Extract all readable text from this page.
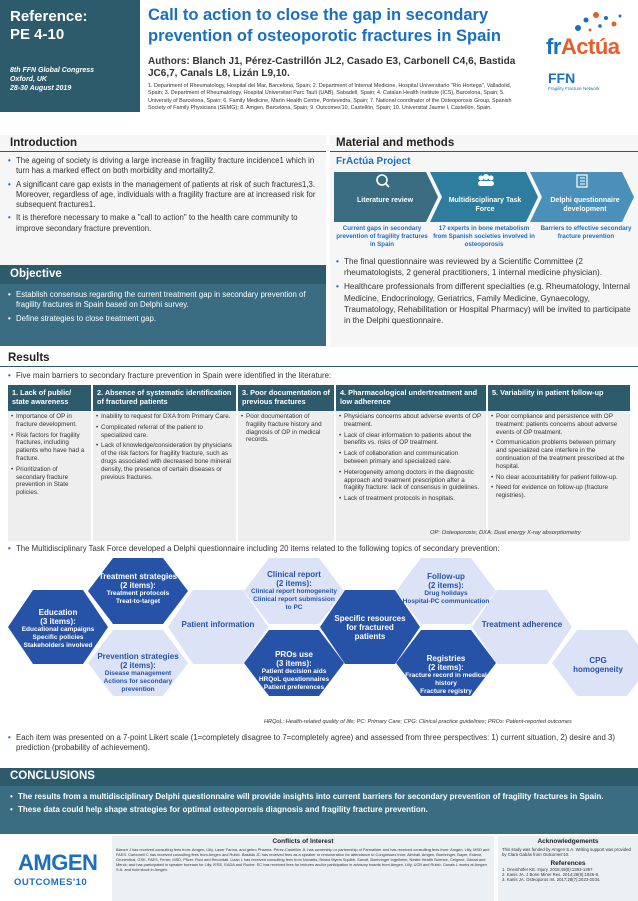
Reference:
PE 4-10
8th FFN Global Congress
Oxford, UK
28-30 August 2019
Call to action to close the gap in secondary prevention of osteoporotic fractures in Spain
Authors: Blanch J1, Pérez-Castrillón JL2, Casado E3, Carbonell C4,6, Bastida JC6,7, Canals L8, Lizán L9,10.
1. Department of Rheumatology, Hospital del Mar, Barcelona, Spain; 2. Department of Internal Medicine, Hospital Universitario "Río Hortega", Valladolid, Spain; 3. Department of Rheumatology, Hospital Universitari Parc Taulí (UAB), Sabadell, Spain; 4. Catalan Health Institute (ICS), Barcelona, Spain; 5. University of Barcelona, Spain; 6. Family Medicine, Marín Health Centre, Pontevedra, Spain; 7. National coordinator of the Osteoporosis Group, Spanish Society of Family Physicians (SEMG); 8. Amgen, Barcelona, Spain; 9. Outcomes'10, Castellón, Spain; 10. Universitat Jaume I, Castellón, Spain.
frActúa
FFN
Fragility Fracture Network
Introduction
• The ageing of society is driving a large increase in fragility fracture incidence1 which in turn has a marked effect on both morbidity and mortality2.
• A significant care gap exists in the management of patients at risk of such fractures1,3. Moreover, regardless of age, individuals with a fragility fracture are at increased risk for subsequent fractures1.
• It is therefore necessary to make a "call to action" to the health care community to improve secondary fracture prevention.
Objective
• Establish consensus regarding the current treatment gap in secondary prevention of fragility fractures in Spain based on Delphi survey.
• Define strategies to close treatment gap.
Material and methods
FrActúa Project
Literature review	Multidisciplinary Task Force
Delphi questionnaire development
Current gaps in secondary prevention of fragility fractures in Spain
17 experts in bone metabolism from Spanish societies involved in osteoporosis
Barriers to effective secondary fracture prevention
• The final questionnaire was reviewed by a Scientific Committee (2 rheumatologists, 2 general practitioners, 1 internal medicine physician).
• Healthcare professionals from different specialties (e.g. Rheumatology, Internal Medicine, Endocrinology, Geriatrics, Family Medicine, Gynaecology, Traumatology, Rehabilitation or Hospital Pharmacy) will be invited to participate in the Delphi questionnaire.
Results
• Five main barriers to secondary fracture prevention in Spain were identified in the literature:
1. Lack of public/ state awareness
• Importance of OP in fracture development.
• Risk factors for fragility fractures, including patients who have had a fracture.
• Prioritization of secondary fracture prevention in State policies.
2. Absence of systematic identification of fractured patients
• Inability to request for DXA from Primary Care.
• Complicated referral of the patient to specialized care.
• Lack of knowledge/consideration by physicians of the risk factors for fragility fracture, such as drugs associated with decreased bone mineral density, the presence of certain diseases or previous fractures.
3. Poor documentation of previous fractures
• Poor documentation of fragility fracture history and diagnosis of OP in medical records.
4. Pharmacological undertreatment and low adherence
• Physicians concerns about adverse events of OP treatment.
• Lack of clear information to patients about the benefits vs. risks of OP treatment.
• Lack of collaboration and communication between primary and specialized care.
• Heterogeneity among doctors in the diagnostic approach and treatment prescription after a fragility fracture: lack of consensus in guidelines.
• Lack of treatment protocols in hospitals.
5. Variability in patient follow-up
• Poor compliance and persistence with OP treatment: patients concerns about adverse events of OP treatment.
• Communication problems between primary and specialized care interfere in the continuation of the treatment prescribed at the hospital.
• No clear accountability for patient follow-up.
• Need for evidence on follow-up (fracture registries).
OP: Osteoporosis; DXA: Dual energy X-ray absorptiometry
• The Multidisciplinary Task Force developed a Delphi questionnaire including 20 items related to the following topics of secondary prevention:
Education
(3 items):
Educational campaigns
Specific policies
Stakeholders involved
Treatment strategies
(2 items):
Treatment protocols
Treat-to-target
Prevention strategies (2 items):
Disease management
Actions for secondary prevention
Patient information
Clinical report
(2 items):
Clinical report homogeneity
Clinical report submission to PC
PROs use
(3 items):
Patient decision aids
HRQoL questionnaires
Patient preferences
Specific resources for fractured patients
Follow-up
(2 items):
Drug holidays
Hospital-PC communication
Registries
(2 items):
Fracture record in medical history
Fracture registry
Treatment adherence
CPG homogeneity
HRQoL: Health-related quality of life; PC: Primary Care; CPG: Clinical practice guidelines; PROs: Patient-reported outcomes
• Each item was presented on a 7-point Likert scale (1=completely disagree to 7=completely agree) and assessed from three perspectives: 1) current situation, 2) desire and 3) prediction (probability of achievement).
CONCLUSIONS
• The results from a multidisciplinary Delphi questionnaire will provide insights into current barriers for secondary prevention of fragility fractures in Spain.
• These data could help shape strategies for optimal osteoporosis diagnosis and fragility fracture prevention.
AMGEN
OUTCOMES'10
Conflicts of Interest
Blanch J has received consulting fees from: Amgen, Lilly, Laser Farma, and gebro Pharma. Pérez-Castrillón JL has ownership or partnership of Farmalider and has received consulting fees from: Amgen, Lilly, MSD and FAES. Carbonell C has received consulting fees from Amgen and Rubió. Bastida JC has received fees as a speaker or remuneration for attendance to Congresses from: Almirall, Amgen, Boehringer, Bayer, Esteve, Grunenthal, GSK, FAES, Ferrer, MSD, Pfizer, Rovi and Recordati. Lizán L has received consulting fees from Novartis, Bristol Myers Squibb, Sanofi, Boehringer Ingelheim, Nestle Health Science, Celgene, Gilead and Merck; and has participated in speaker bureaus for Lilly, IESE, EADA and Roche. EC has received fees for lectures and/or participation in advisory boards from Amgen, Lilly, UCB and Rubió. Canals L works at Amgen S.A. and hold stock in Amgen.
Acknowledgements
This study was funded by Amgen S.A. Writing support was provided by Clara Gabás from Outcomes'10.
References
1. Oneinhöfer KE. Injury. 2018;49(8):1393-1397.
2. Kanis JA. J Bone Miner Res. 2014;29(9):1926-8.
3. Kanis JA. Osteoporos Int. 2017;28(7):2023-2034.
